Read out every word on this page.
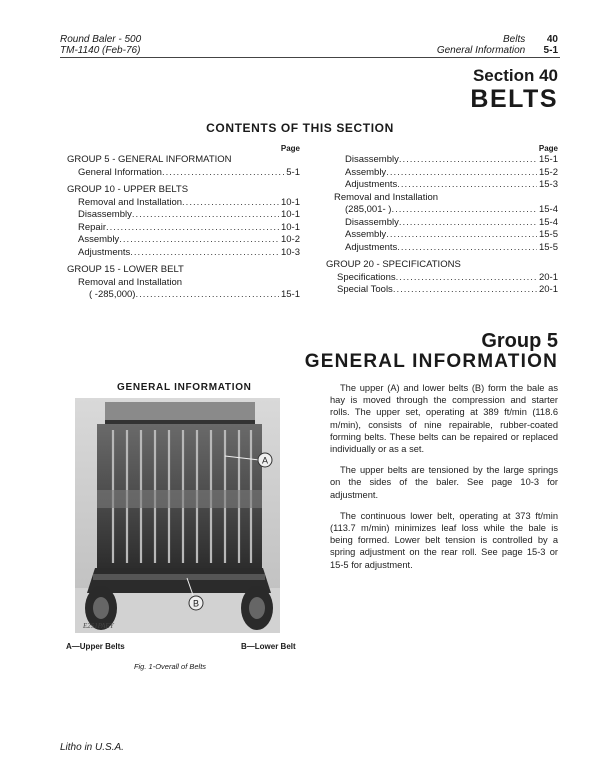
Round Baler - 500
TM-1140 (Feb-76)
Belts 40
General Information 5-1
Section 40
BELTS
CONTENTS OF THIS SECTION
Page
GROUP 5 - GENERAL INFORMATION
General Information .....	5-1
GROUP 10 - UPPER BELTS
Removal and Installation .....	10-1
Disassembly .....	10-1
Repair .....	10-1
Assembly .....	10-2
Adjustments .....	10-3
GROUP 15 - LOWER BELT
Removal and Installation
( -285,000) .....	15-1
Page
Disassembly .....	15-1
Assembly .....	15-2
Adjustments .....	15-3
Removal and Installation
(285,001- ) .....	15-4
Disassembly .....	15-4
Assembly .....	15-5
Adjustments .....	15-5
GROUP 20 - SPECIFICATIONS
Specifications .....	20-1
Special Tools .....	20-1
Group 5
GENERAL INFORMATION
GENERAL INFORMATION
A
B
E2S1PAEY
A—Upper Belts	B—Lower Belt
Fig. 1-Overall of Belts

The upper (A) and lower belts (B) form the bale as hay is moved through the compression and starter rolls. The upper set, operating at 389 ft/min (118.6 m/min), consists of nine repairable, rubber-coated forming belts. These belts can be repaired or replaced individually or as a set.

The upper belts are tensioned by the large springs on the sides of the baler. See page 10-3 for adjustment.

The continuous lower belt, operating at 373 ft/min (113.7 m/min) minimizes leaf loss while the bale is being formed. Lower belt tension is controlled by a spring adjustment on the rear roll. See page 15-3 or 15-5 for adjustment.

Litho in U.S.A.
